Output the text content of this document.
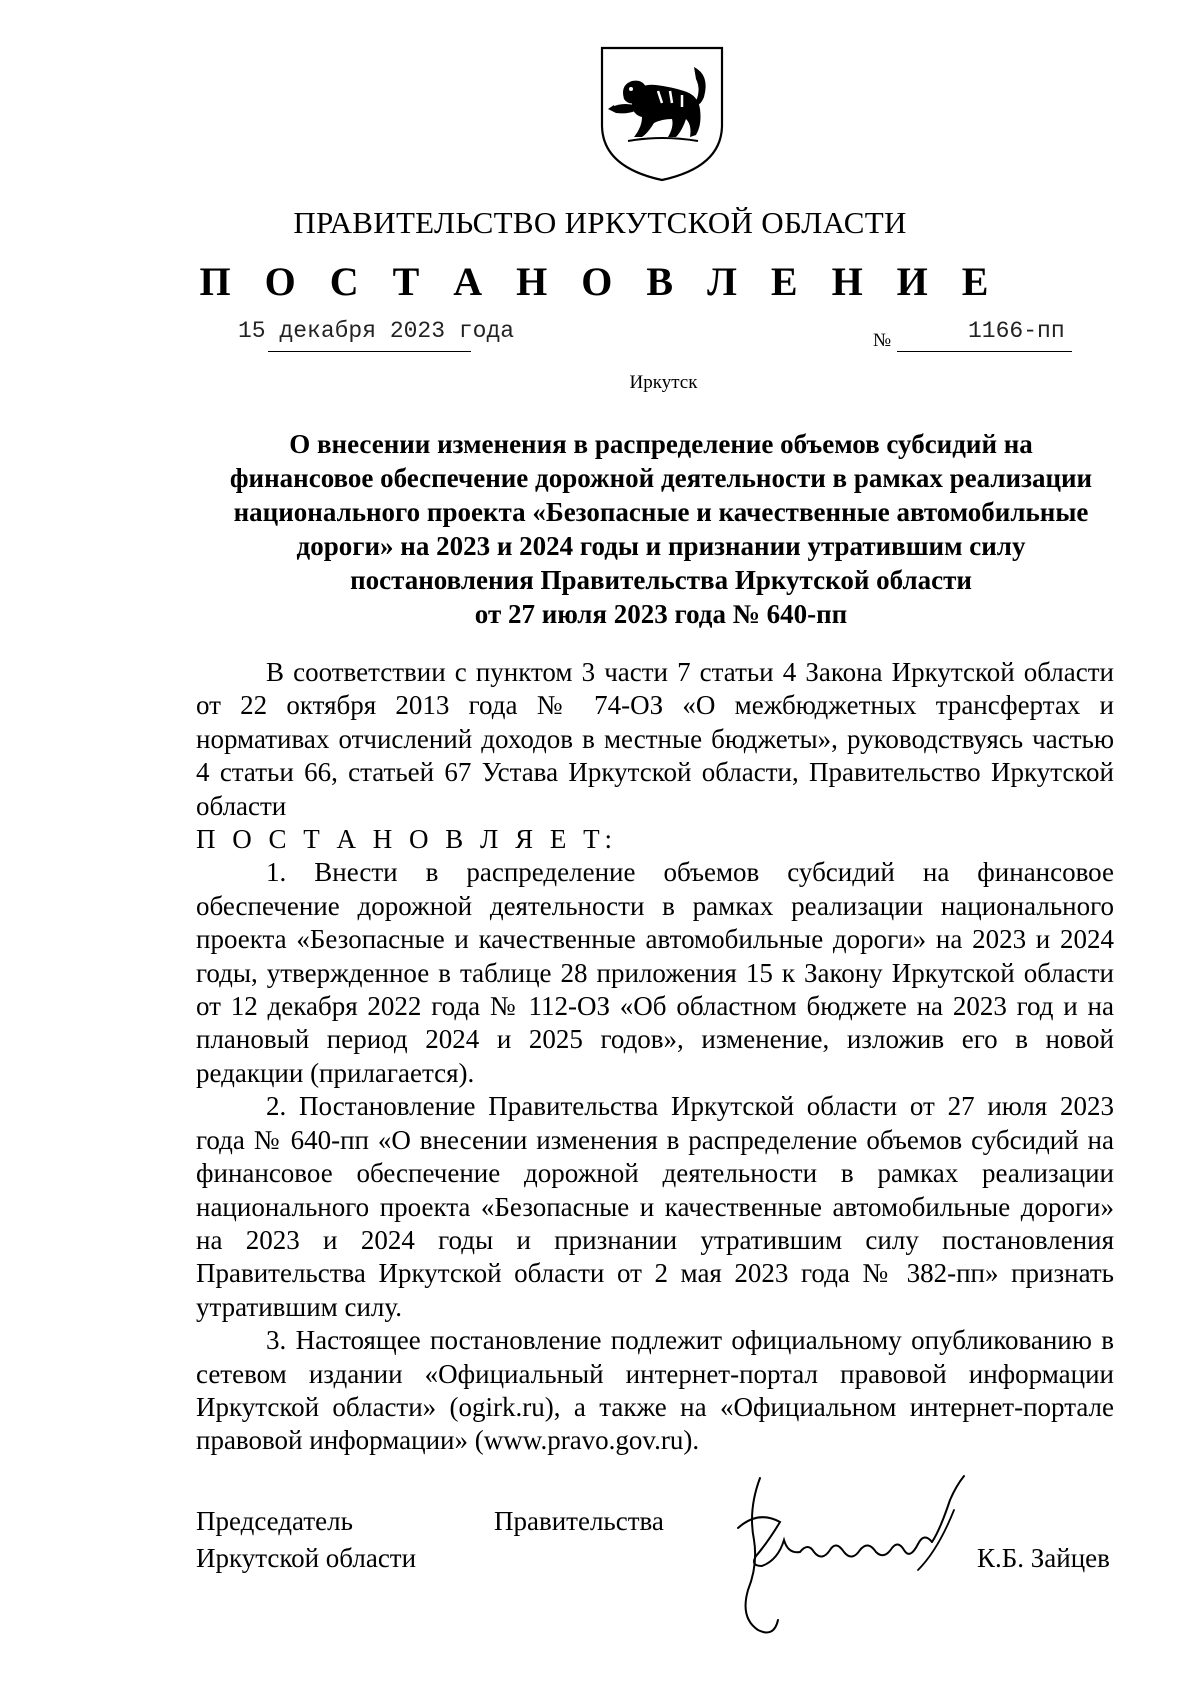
ПРАВИТЕЛЬСТВО ИРКУТСКОЙ ОБЛАСТИ
П О С Т А Н О В Л Е Н И Е
15 декабря 2023 года	№	1166-пп
Иркутск
О внесении изменения в распределение объемов субсидий на
финансовое обеспечение дорожной деятельности в рамках реализации
национального проекта «Безопасные и качественные автомобильные
дороги» на 2023 и 2024 годы и признании утратившим силу
постановления Правительства Иркутской области
от 27 июля 2023 года № 640-пп

В соответствии с пунктом 3 части 7 статьи 4 Закона Иркутской области от 22 октября 2013 года № 74-ОЗ «О межбюджетных трансфертах и нормативах отчислений доходов в местные бюджеты», руководствуясь частью 4 статьи 66, статьей 67 Устава Иркутской области, Правительство Иркутской области

П О С Т А Н О В Л Я Е Т:

1. Внести в распределение объемов субсидий на финансовое обеспечение дорожной деятельности в рамках реализации национального проекта «Безопасные и качественные автомобильные дороги» на 2023 и 2024 годы, утвержденное в таблице 28 приложения 15 к Закону Иркутской области от 12 декабря 2022 года № 112-ОЗ «Об областном бюджете на 2023 год и на плановый период 2024 и 2025 годов», изменение, изложив его в новой редакции (прилагается).

2. Постановление Правительства Иркутской области от 27 июля 2023 года № 640-пп «О внесении изменения в распределение объемов субсидий на финансовое обеспечение дорожной деятельности в рамках реализации национального проекта «Безопасные и качественные автомобильные дороги» на 2023 и 2024 годы и признании утратившим силу постановления Правительства Иркутской области от 2 мая 2023 года № 382-пп» признать утратившим силу.

3. Настоящее постановление подлежит официальному опубликованию в сетевом издании «Официальный интернет-портал правовой информации Иркутской области» (ogirk.ru), а также на «Официальном интернет-портале правовой информации» (www.pravo.gov.ru).

Председатель	Правительства
Иркутской области	К.Б. Зайцев
